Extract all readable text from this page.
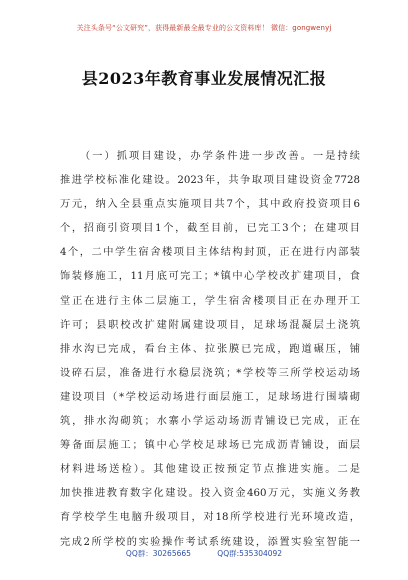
关注头条号“公文研究”，获得最新最全最专业的公文资料库！ 微信：gongwenyj
县2023年教育事业发展情况汇报
（一）抓项目建设，办学条件进一步改善。一是持续
推进学校标准化建设。2023年，共争取项目建设资金7728
万元，纳入全县重点实施项目共7个，其中政府投资项目6
个，招商引资项目1个，截至目前，已完工3个；在建项目
4个，二中学生宿舍楼项目主体结构封顶，正在进行内部装
饰装修施工，11月底可完工；*镇中心学校改扩建项目，食
堂正在进行主体二层施工，学生宿舍楼项目正在办理开工
许可；县职校改扩建附属建设项目，足球场混凝层土浇筑
排水沟已完成，看台主体、拉张膜已完成，跑道碾压，铺
设碎石层，准备进行水稳层浇筑；*学校等三所学校运动场
建设项目（*学校运动场进行面层施工，足球场进行围墙砌
筑，排水沟砌筑；水寨小学运动场沥青铺设已完成，正在
筹备面层施工；镇中心学校足球场已完成沥青铺设，面层
材料进场送检）。其他建设正按预定节点推进实施。二是
加快推进教育数字化建设。投入资金460万元，实施义务教
育学校学生电脑升级项目，对18所学校进行光环境改造，
完成2所学校的实验操作考试系统建设，添置实验室智能一
QQ群：30265665	QQ群:535304092
